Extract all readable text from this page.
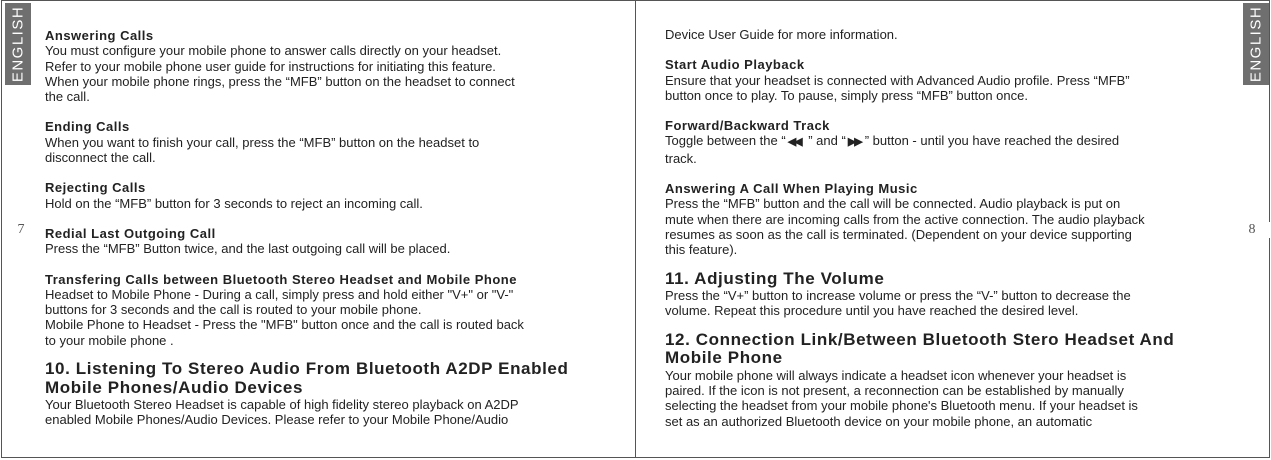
ENGLISH
7

Answering Calls

You must configure your mobile phone to answer calls directly on your headset.

Refer to your mobile phone user guide for instructions for initiating this feature.

When your mobile phone rings, press the “MFB” button on the headset to connect

the call.

Ending Calls

When you want to finish your call, press the “MFB” button on the headset to

disconnect the call.

Rejecting Calls

Hold on the “MFB” button for 3 seconds to reject an incoming call.

Redial Last Outgoing Call

Press the “MFB” Button twice, and the last outgoing call will be placed.

Transfering Calls between Bluetooth Stereo Headset and Mobile Phone

Headset to Mobile Phone - During a call, simply press and hold either "V+" or "V-"

buttons for 3 seconds and the call is routed to your mobile phone.

Mobile Phone to Headset - Press the "MFB" button once and the call is routed back

to your mobile phone .

10. Listening To Stereo Audio From Bluetooth A2DP Enabled

Mobile Phones/Audio Devices

Your Bluetooth Stereo Headset is capable of high fidelity stereo playback on A2DP

enabled Mobile Phones/Audio Devices. Please refer to your Mobile Phone/Audio

ENGLISH
8

Device User Guide for more information.

Start Audio Playback

Ensure that your headset is connected with Advanced Audio profile. Press “MFB”

button once to play. To pause, simply press “MFB” button once.

Forward/Backward Track

Toggle between the “ ◀◀ ” and “ ▶▶ ” button - until you have reached the desired

track.

Answering A Call When Playing Music

Press the “MFB” button and the call will be connected. Audio playback is put on

mute when there are incoming calls from the active connection. The audio playback

resumes as soon as the call is terminated. (Dependent on your device supporting

this feature).

11. Adjusting The Volume

Press the “V+” button to increase volume or press the “V-” button to decrease the

volume. Repeat this procedure until you have reached the desired level.

12. Connection Link/Between Bluetooth Stero Headset And

Mobile Phone

Your mobile phone will always indicate a headset icon whenever your headset is

paired. If the icon is not present, a reconnection can be established by manually

selecting the headset from your mobile phone's Bluetooth menu. If your headset is

set as an authorized Bluetooth device on your mobile phone, an automatic
